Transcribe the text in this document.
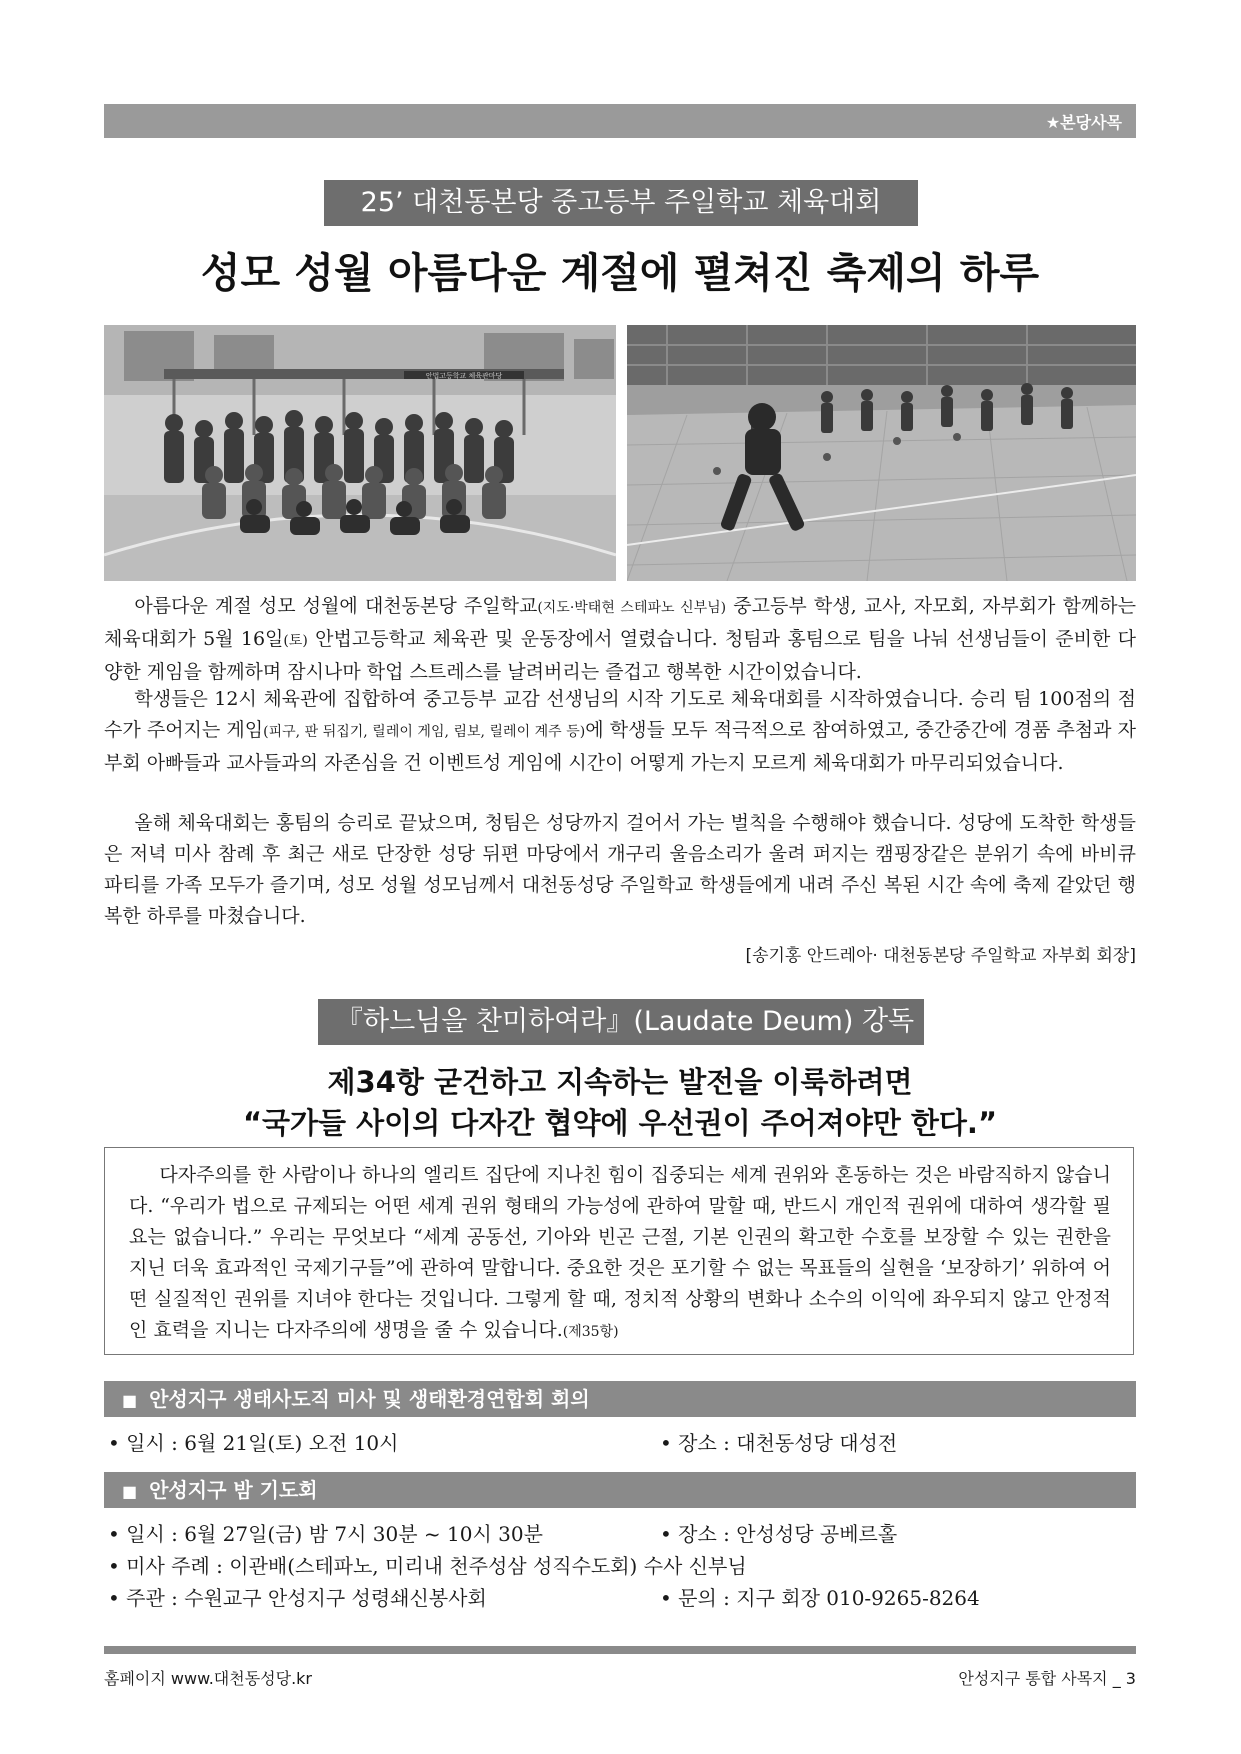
★본당사목
25’ 대천동본당 중고등부 주일학교 체육대회
성모 성월 아름다운 계절에 펼쳐진 축제의 하루
안법고등학교 체육관마당

아름다운 계절 성모 성월에 대천동본당 주일학교(지도·박태현 스테파노 신부님) 중고등부 학생, 교사, 자모회, 자부회가 함께하는 체육대회가 5월 16일(토) 안법고등학교 체육관 및 운동장에서 열렸습니다. 청팀과 홍팀으로 팀을 나눠 선생님들이 준비한 다양한 게임을 함께하며 잠시나마 학업 스트레스를 날려버리는 즐겁고 행복한 시간이었습니다.

학생들은 12시 체육관에 집합하여 중고등부 교감 선생님의 시작 기도로 체육대회를 시작하였습니다. 승리 팀 100점의 점수가 주어지는 게임(피구, 판 뒤집기, 릴레이 게임, 림보, 릴레이 계주 등)에 학생들 모두 적극적으로 참여하였고, 중간중간에 경품 추첨과 자부회 아빠들과 교사들과의 자존심을 건 이벤트성 게임에 시간이 어떻게 가는지 모르게 체육대회가 마무리되었습니다.

올해 체육대회는 홍팀의 승리로 끝났으며, 청팀은 성당까지 걸어서 가는 벌칙을 수행해야 했습니다. 성당에 도착한 학생들은 저녁 미사 참례 후 최근 새로 단장한 성당 뒤편 마당에서 개구리 울음소리가 울려 퍼지는 캠핑장같은 분위기 속에 바비큐 파티를 가족 모두가 즐기며, 성모 성월 성모님께서 대천동성당 주일학교 학생들에게 내려 주신 복된 시간 속에 축제 같았던 행복한 하루를 마쳤습니다.

[송기홍 안드레아· 대천동본당 주일학교 자부회 회장]
『하느님을 찬미하여라』(Laudate Deum) 강독
제34항 굳건하고 지속하는 발전을 이룩하려면
“국가들 사이의 다자간 협약에 우선권이 주어져야만 한다.”

다자주의를 한 사람이나 하나의 엘리트 집단에 지나친 힘이 집중되는 세계 권위와 혼동하는 것은 바람직하지 않습니다. “우리가 법으로 규제되는 어떤 세계 권위 형태의 가능성에 관하여 말할 때, 반드시 개인적 권위에 대하여 생각할 필요는 없습니다.” 우리는 무엇보다 “세계 공동선, 기아와 빈곤 근절, 기본 인권의 확고한 수호를 보장할 수 있는 권한을 지닌 더욱 효과적인 국제기구들”에 관하여 말합니다. 중요한 것은 포기할 수 없는 목표들의 실현을 ‘보장하기’ 위하여 어떤 실질적인 권위를 지녀야 한다는 것입니다. 그렇게 할 때, 정치적 상황의 변화나 소수의 이익에 좌우되지 않고 안정적인 효력을 지니는 다자주의에 생명을 줄 수 있습니다.(제35항)

■ 안성지구 생태사도직 미사 및 생태환경연합회 회의
• 일시 : 6월 21일(토) 오전 10시	• 장소 : 대천동성당 대성전
■ 안성지구 밤 기도회
• 일시 : 6월 27일(금) 밤 7시 30분 ~ 10시 30분	• 장소 : 안성성당 공베르홀
• 미사 주례 : 이관배(스테파노, 미리내 천주성삼 성직수도회) 수사 신부님
• 주관 : 수원교구 안성지구 성령쇄신봉사회	• 문의 : 지구 회장 010-9265-8264
홈페이지 www.대천동성당.kr	안성지구 통합 사목지 _ 3
